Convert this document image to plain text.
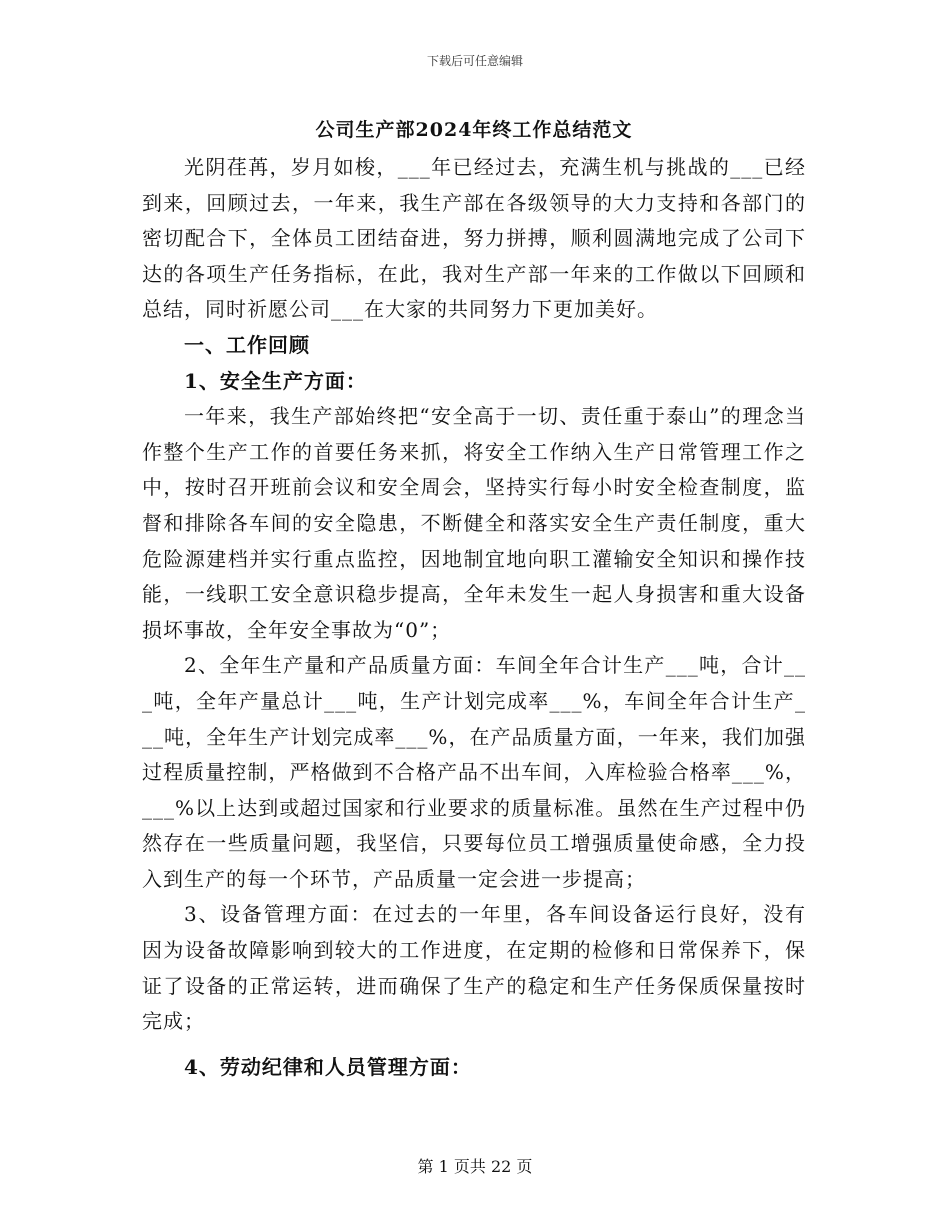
下载后可任意编辑
公司生产部2024年终工作总结范文

光阴荏苒，岁月如梭，___年已经过去，充满生机与挑战的___已经到来，回顾过去，一年来，我生产部在各级领导的大力支持和各部门的密切配合下，全体员工团结奋进，努力拼搏，顺利圆满地完成了公司下达的各项生产任务指标，在此，我对生产部一年来的工作做以下回顾和总结，同时祈愿公司___在大家的共同努力下更加美好。

一、工作回顾

1、安全生产方面：

一年来，我生产部始终把“安全高于一切、责任重于泰山”的理念当作整个生产工作的首要任务来抓，将安全工作纳入生产日常管理工作之中，按时召开班前会议和安全周会，坚持实行每小时安全检查制度，监督和排除各车间的安全隐患，不断健全和落实安全生产责任制度，重大危险源建档并实行重点监控，因地制宜地向职工灌输安全知识和操作技能，一线职工安全意识稳步提高，全年未发生一起人身损害和重大设备损坏事故，全年安全事故为“0”；

2、全年生产量和产品质量方面：车间全年合计生产___吨，合计___吨，全年产量总计___吨，生产计划完成率___%，车间全年合计生产___吨，全年生产计划完成率___%，在产品质量方面，一年来，我们加强过程质量控制，严格做到不合格产品不出车间，入库检验合格率___%，___%以上达到或超过国家和行业要求的质量标准。虽然在生产过程中仍然存在一些质量问题，我坚信，只要每位员工增强质量使命感，全力投入到生产的每一个环节，产品质量一定会进一步提高；

3、设备管理方面：在过去的一年里，各车间设备运行良好，没有因为设备故障影响到较大的工作进度，在定期的检修和日常保养下，保证了设备的正常运转，进而确保了生产的稳定和生产任务保质保量按时完成；

4、劳动纪律和人员管理方面：

第 1 页共 22 页
